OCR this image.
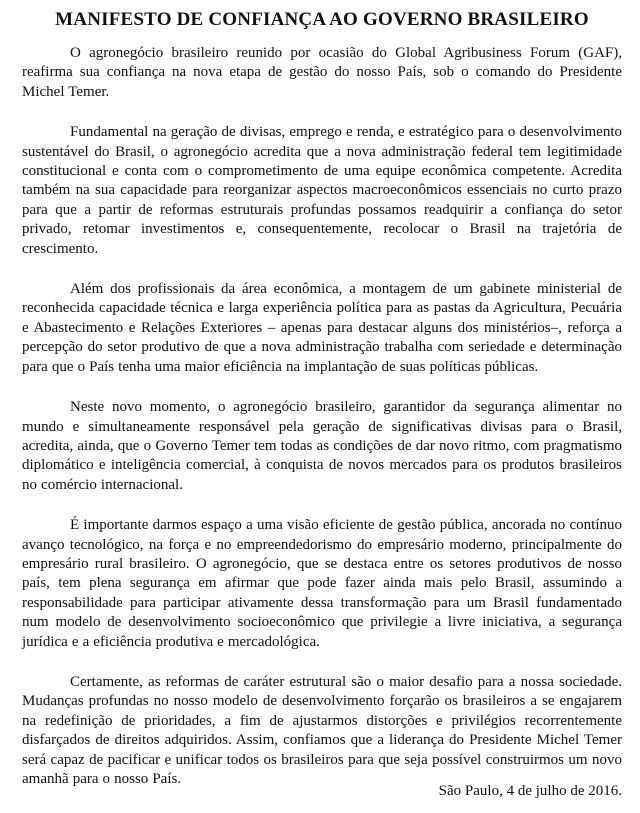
MANIFESTO DE CONFIANÇA AO GOVERNO BRASILEIRO

O agronegócio brasileiro reunido por ocasião do Global Agribusiness Forum (GAF), reafirma sua confiança na nova etapa de gestão do nosso País, sob o comando do Presidente Michel Temer.

Fundamental na geração de divisas, emprego e renda, e estratégico para o desenvolvimento sustentável do Brasil, o agronegócio acredita que a nova administração federal tem legitimidade constitucional e conta com o comprometimento de uma equipe econômica competente. Acredita também na sua capacidade para reorganizar aspectos macroeconômicos essenciais no curto prazo para que a partir de reformas estruturais profundas possamos readquirir a confiança do setor privado, retomar investimentos e, consequentemente, recolocar o Brasil na trajetória de crescimento.

Além dos profissionais da área econômica, a montagem de um gabinete ministerial de reconhecida capacidade técnica e larga experiência política para as pastas da Agricultura, Pecuária e Abastecimento e Relações Exteriores – apenas para destacar alguns dos ministérios–, reforça a percepção do setor produtivo de que a nova administração trabalha com seriedade e determinação para que o País tenha uma maior eficiência na implantação de suas políticas públicas.

Neste novo momento, o agronegócio brasileiro, garantidor da segurança alimentar no mundo e simultaneamente responsável pela geração de significativas divisas para o Brasil, acredita, ainda, que o Governo Temer tem todas as condições de dar novo ritmo, com pragmatismo diplomático e inteligência comercial, à conquista de novos mercados para os produtos brasileiros no comércio internacional.

É importante darmos espaço a uma visão eficiente de gestão pública, ancorada no contínuo avanço tecnológico, na força e no empreendedorismo do empresário moderno, principalmente do empresário rural brasileiro. O agronegócio, que se destaca entre os setores produtivos de nosso país, tem plena segurança em afirmar que pode fazer ainda mais pelo Brasil, assumindo a responsabilidade para participar ativamente dessa transformação para um Brasil fundamentado num modelo de desenvolvimento socioeconômico que privilegie a livre iniciativa, a segurança jurídica e a eficiência produtiva e mercadológica.

Certamente, as reformas de caráter estrutural são o maior desafio para a nossa sociedade. Mudanças profundas no nosso modelo de desenvolvimento forçarão os brasileiros a se engajarem na redefinição de prioridades, a fim de ajustarmos distorções e privilégios recorrentemente disfarçados de direitos adquiridos. Assim, confiamos que a liderança do Presidente Michel Temer será capaz de pacificar e unificar todos os brasileiros para que seja possível construirmos um novo amanhã para o nosso País.

São Paulo, 4 de julho de 2016.
